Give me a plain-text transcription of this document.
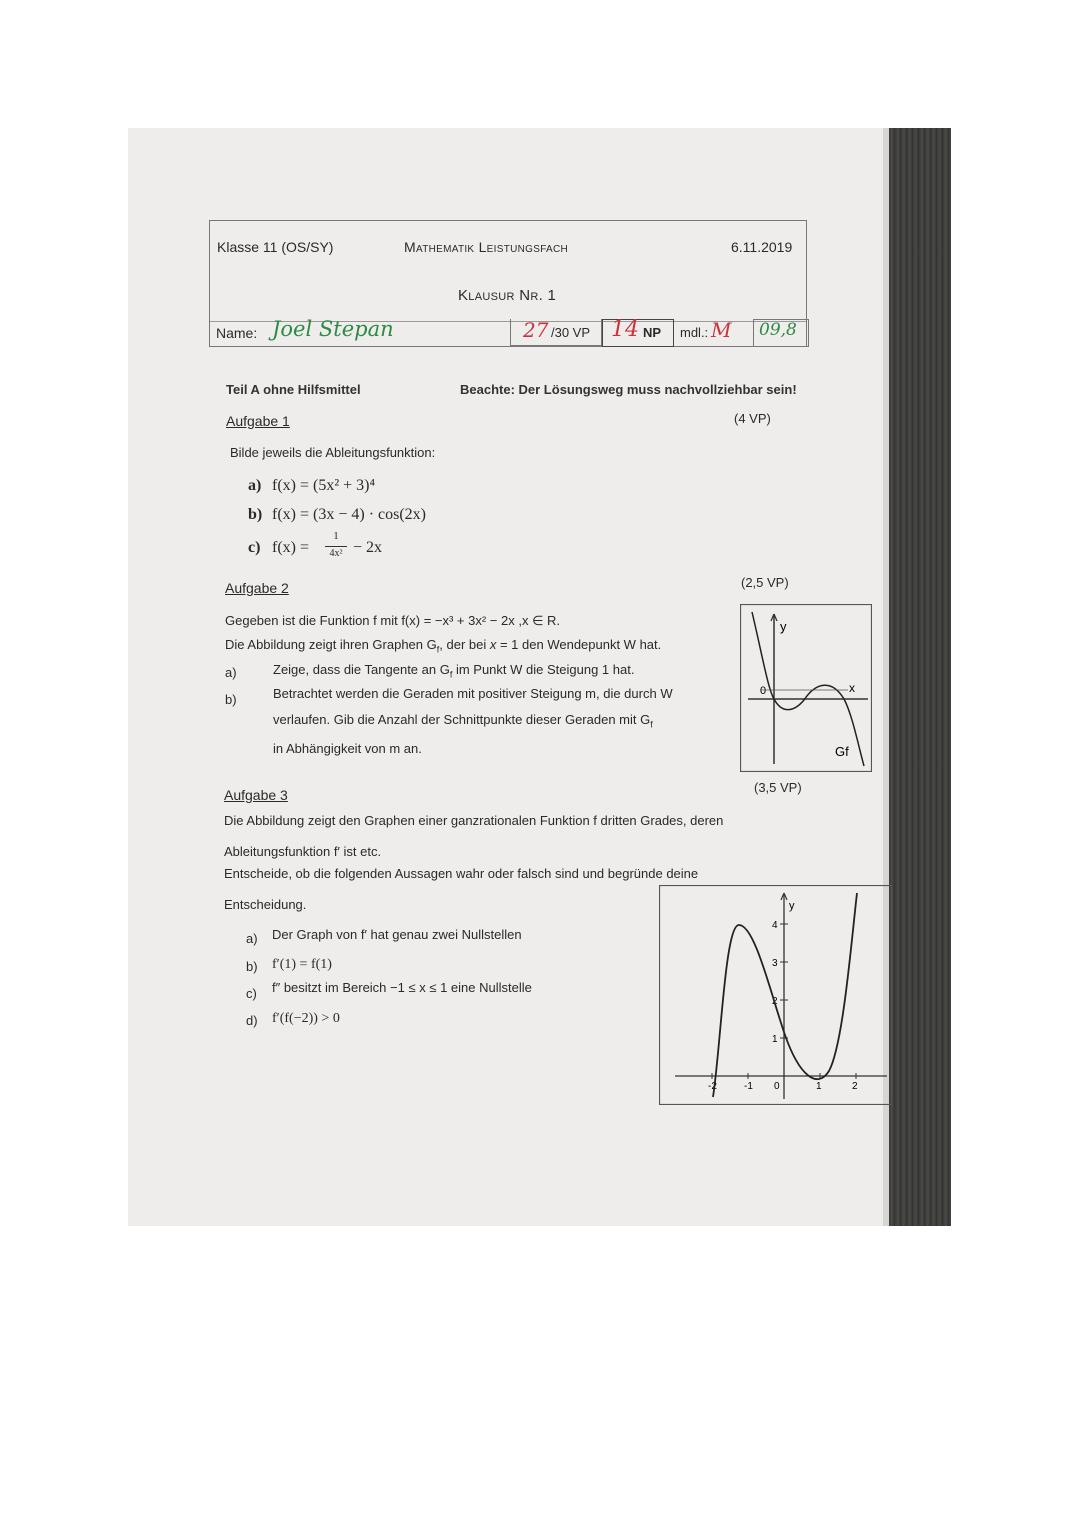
Klasse 11 (OS/SY)	Mathematik Leistungsfach	6.11.2019
Klausur Nr. 1
Name: Joel Stepan	27 /30 VP 14 NP mdl.: M 09,8
Teil A ohne Hilfsmittel	Beachte: Der Lösungsweg muss nachvollziehbar sein!
Aufgabe 1	(4 VP)
Bilde jeweils die Ableitungsfunktion:
a) f(x) = (5x² + 3)⁴
b) f(x) = (3x − 4) · cos(2x)
c) f(x) =
1
4x² − 2x
Aufgabe 2	(2,5 VP)
Gegeben ist die Funktion f mit f(x) = −x³ + 3x² − 2x ,x ∈ R.
Die Abbildung zeigt ihren Graphen $G_f$, der bei x = 1 den Wendepunkt W hat.
a)	Zeige, dass die Tangente an $G_f$ im Punkt W die Steigung 1 hat.
b)	Betrachtet werden die Geraden mit positiver Steigung m, die durch W
verlaufen. Gib die Anzahl der Schnittpunkte dieser Geraden mit $G_f$
in Abhängigkeit von m an.
y
0	x
Gf
Aufgabe 3	(3,5 VP)
Die Abbildung zeigt den Graphen einer ganzrationalen Funktion f dritten Grades, deren
Ableitungsfunktion f′ ist etc.
Entscheide, ob die folgenden Aussagen wahr oder falsch sind und begründe deine
Entscheidung.
a) Der Graph von f′ hat genau zwei Nullstellen
b) f′(1) = f(1)
c) f″ besitzt im Bereich −1 ≤ x ≤ 1 eine Nullstelle
d) f′(f(−2)) > 0
y
4
3
2
1
-2	-1 0	1	2
